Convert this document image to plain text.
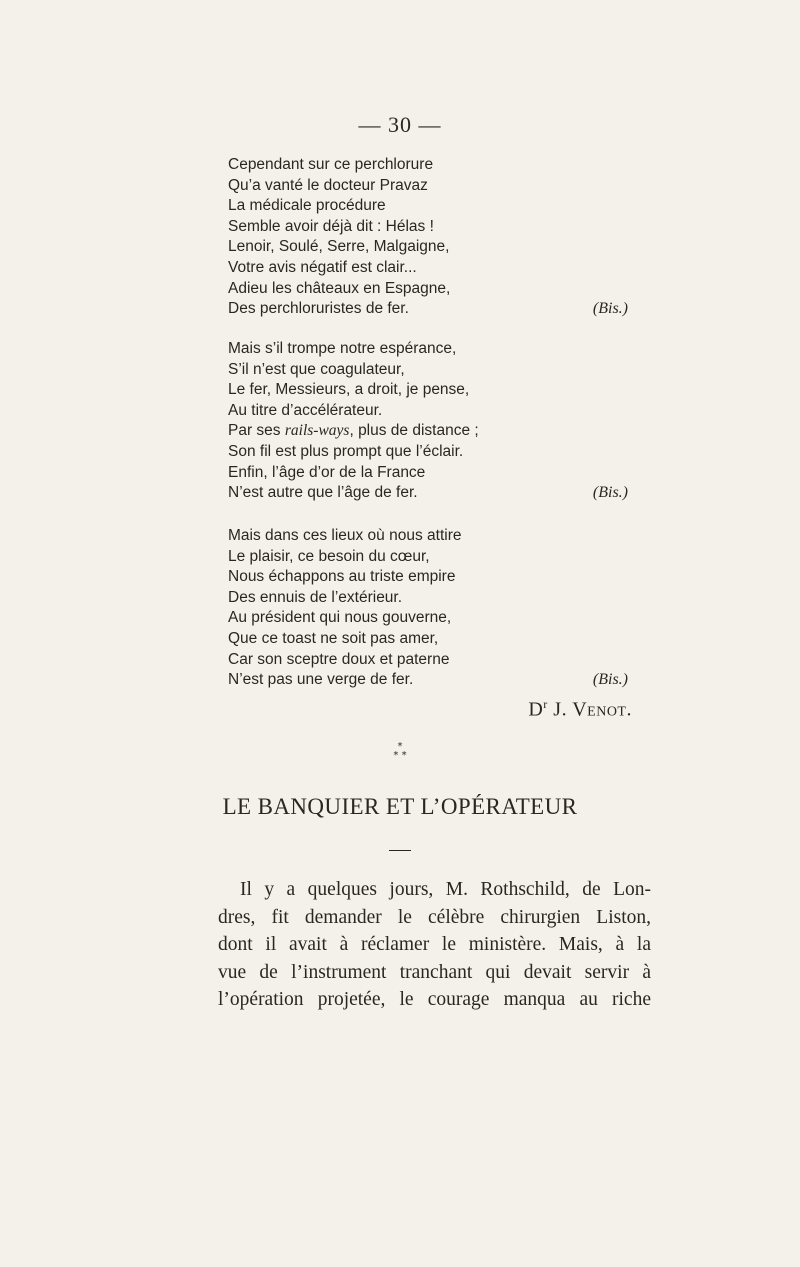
— 30 —
Cependant sur ce perchlorure
Qu’a vanté le docteur Pravaz
La médicale procédure
Semble avoir déjà dit : Hélas !
Lenoir, Soulé, Serre, Malgaigne,
Votre avis négatif est clair...
Adieu les châteaux en Espagne,
Des perchloruristes de fer.	(Bis.)
Mais s’il trompe notre espérance,
S’il n’est que coagulateur,
Le fer, Messieurs, a droit, je pense,
Au titre d’accélérateur.
Par ses rails-ways, plus de distance ;
Son fil est plus prompt que l’éclair.
Enfin, l’âge d’or de la France
N’est autre que l’âge de fer.	(Bis.)
Mais dans ces lieux où nous attire
Le plaisir, ce besoin du cœur,
Nous échappons au triste empire
Des ennuis de l’extérieur.
Au président qui nous gouverne,
Que ce toast ne soit pas amer,
Car son sceptre doux et paterne
N’est pas une verge de fer.	(Bis.)
$D^r$ J. Venot.
*
* *
LE BANQUIER ET L’OPÉRATEUR
Il y a quelques jours, M. Rothschild, de Lon-
dres, fit demander le célèbre chirurgien Liston,
dont il avait à réclamer le ministère. Mais, à la
vue de l’instrument tranchant qui devait servir à
l’opération projetée, le courage manqua au riche
